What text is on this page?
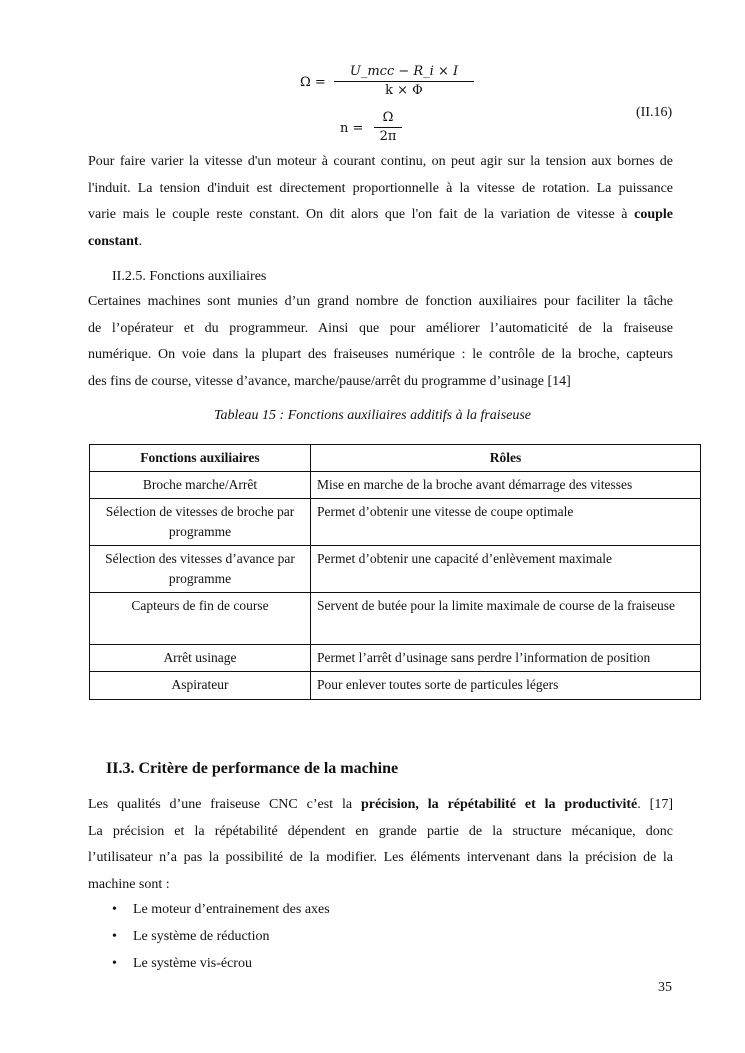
Ω =
U_mcc − R_i × I
k × Φ
$n = \frac{\Omega}{2\pi}$	(II.16)
Pour faire varier la vitesse d'un moteur à courant continu, on peut agir sur la tension aux bornes de
l'induit. La tension d'induit est directement proportionnelle à la vitesse de rotation. La puissance
varie mais le couple reste constant. On dit alors que l'on fait de la variation de vitesse à couple
constant.
II.2.5. Fonctions auxiliaires
Certaines machines sont munies d’un grand nombre de fonction auxiliaires pour faciliter la tâche
de l’opérateur et du programmeur. Ainsi que pour améliorer l’automaticité de la fraiseuse
numérique. On voie dans la plupart des fraiseuses numérique : le contrôle de la broche, capteurs
des fins de course, vitesse d’avance, marche/pause/arrêt du programme d’usinage [14]
Tableau 15 : Fonctions auxiliaires additifs à la fraiseuse
Fonctions auxiliaires	Rôles
Broche marche/Arrêt	Mise en marche de la broche avant démarrage des vitesses
Sélection de vitesses de broche par programme	Permet d’obtenir une vitesse de coupe optimale
Sélection des vitesses d’avance par programme	Permet d’obtenir une capacité d’enlèvement maximale
Capteurs de fin de course	Servent de butée pour la limite maximale de course de la fraiseuse
Arrêt usinage	Permet l’arrêt d’usinage sans perdre l’information de position
Aspirateur	Pour enlever toutes sorte de particules légers
II.3. Critère de performance de la machine
Les qualités d’une fraiseuse CNC c’est la précision, la répétabilité et la productivité. [17]
La précision et la répétabilité dépendent en grande partie de la structure mécanique, donc
l’utilisateur n’a pas la possibilité de la modifier. Les éléments intervenant dans la précision de la
machine sont :
• Le moteur d’entrainement des axes
• Le système de réduction
• Le système vis-écrou
35
